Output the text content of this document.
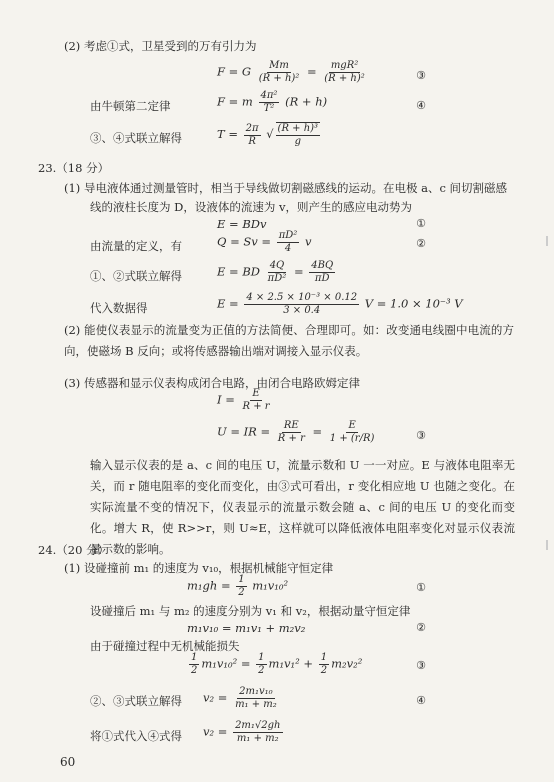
(2) 考虑①式，卫星受到的万有引力为
F = G $\frac{Mm}{\text{(R + h)²}} = \frac{\text{mgR²}}{\text{(R + h)²}}$	③
由牛顿第二定律	F = m $\frac{\text{4π²}}{\text{T²}} (R + h)$	④
③、④式联立解得	$T = \frac{2\pi}{R}$ √ $\frac{\text{(R + h)³}}{g}$
23.（18 分）
(1) 导电液体通过测量管时，相当于导线做切割磁感线的运动。在电极 a、c 间切割磁感
线的液柱长度为 D，设液体的流速为 v，则产生的感应电动势为
E = BDv	①
由流量的定义，有	$Q = Sv = \frac{\text{πD²}}{4}$ v	②
①、②式联立解得	E = BD $\frac{4Q}{\text{πD²}} = \frac{4BQ}{\pi D}$
代入数据得	$E = \frac{\text{4 × 2.5 × 10⁻³ × 0.12}}{3 \times 0.4}$ V = 1.0 × 10⁻³ V
(2) 能使仪表显示的流量变为正值的方法简便、合理即可。如：改变通电线圈中电流的方向，使磁场 B 反向；或将传感器输出端对调接入显示仪表。
(3) 传感器和显示仪表构成闭合电路，由闭合电路欧姆定律
$I = \frac{E}{R + r}$
U = IR = $\frac{RE}{R + r} = \frac{E}{1 + (r/R)}$	③
输入显示仪表的是 a、c 间的电压 U，流量示数和 U 一一对应。E 与液体电阻率无关，而 r 随电阻率的变化而变化，由③式可看出，r 变化相应地 U 也随之变化。在实际流量不变的情况下，仪表显示的流量示数会随 a、c 间的电压 U 的变化而变化。增大 R，使 R>>r，则 U≈E，这样就可以降低液体电阻率变化对显示仪表流量示数的影响。
24.（20 分）
(1) 设碰撞前 m₁ 的速度为 v₁₀，根据机械能守恒定律
$m_1gh = \frac{1}{2} m_1v_{10}^2$	①
设碰撞后 m₁ 与 m₂ 的速度分别为 v₁ 和 v₂，根据动量守恒定律
m₁v₁₀ = m₁v₁ + m₂v₂	②
由于碰撞过程中无机械能损失
$\frac{1}{2} m_1v_{10}^2 = \frac{1}{2} m_1v_1^2 + \frac{1}{2} m_2v_2^2$	③
②、③式联立解得 $v_2 = \frac{\text{2m₁v₁₀}}{\text{m₁ + m₂}}$	④
将①式代入④式得 $v_2 = \frac{\text{2m₁√2gh}}{\text{m₁ + m₂}}$
60
